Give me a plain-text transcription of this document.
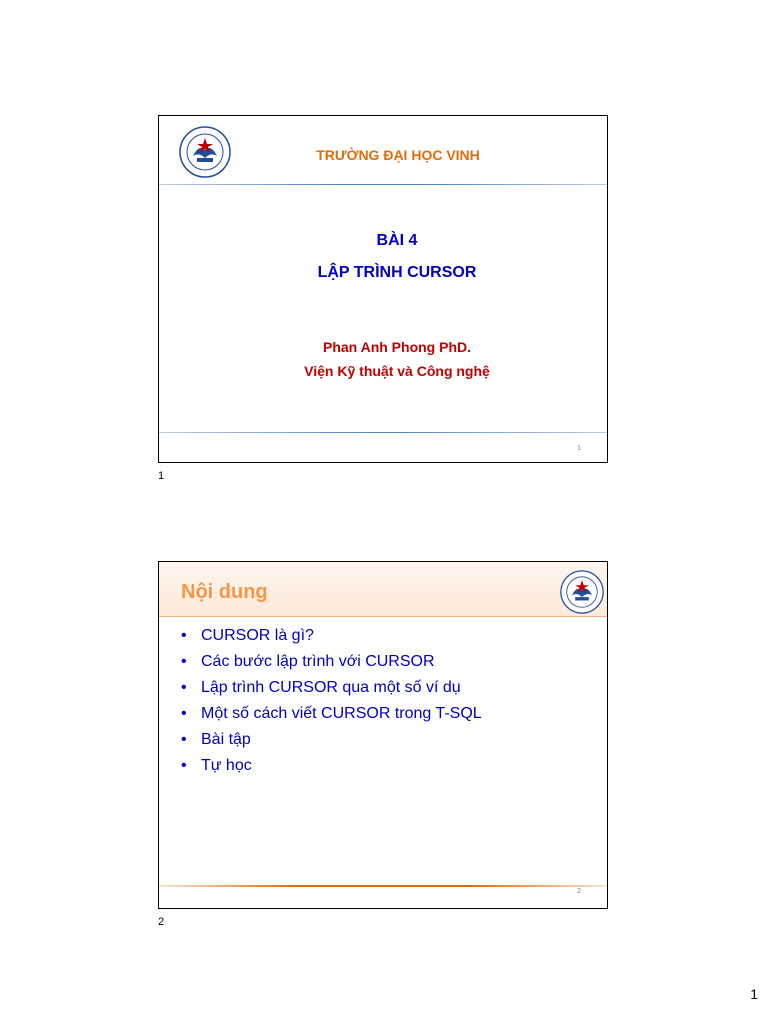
TRƯỜNG ĐẠI HỌC VINH
BÀI 4
LẬP TRÌNH CURSOR
Phan Anh Phong PhD.
Viện Kỹ thuật và Công nghệ
1
1
Nội dung
• CURSOR là gì?
• Các bước lập trình với CURSOR
• Lập trình CURSOR qua một số ví dụ
• Một số cách viết CURSOR trong T-SQL
• Bài tập
• Tự học
2
2
1
